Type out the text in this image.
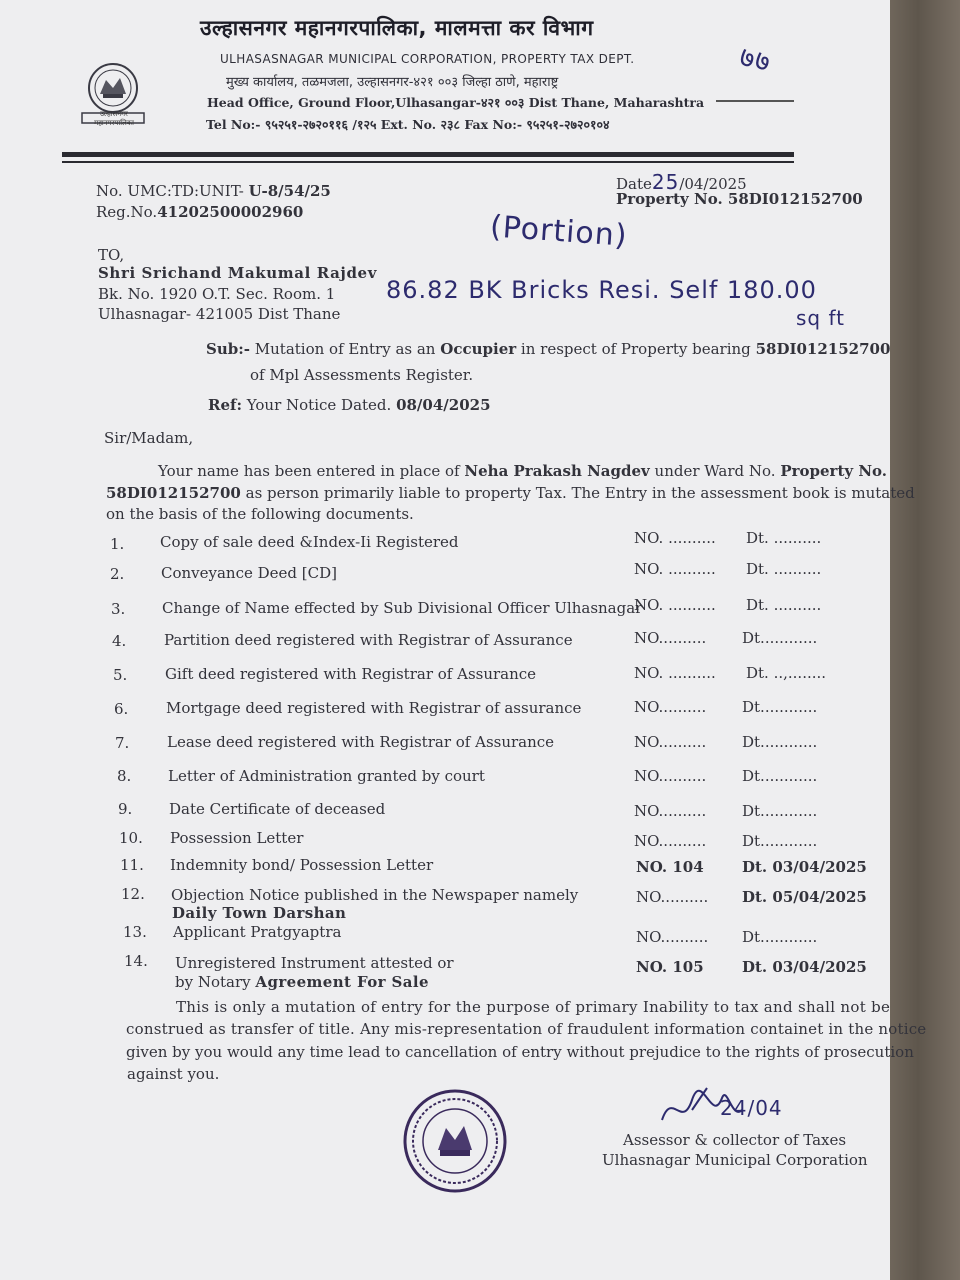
उल्हासनगर महानगरपालिका
उल्हासनगर महानगरपालिका, मालमत्ता कर विभाग
ULHASASNAGAR MUNICIPAL CORPORATION, PROPERTY TAX DEPT.
मुख्य कार्यालय, तळमजला, उल्हासनगर-४२१ ००३ जिल्हा ठाणे, महाराष्ट्र
Head Office, Ground Floor,Ulhasangar-४२१ ००३ Dist Thane, Maharashtra
Tel No:- ९५२५१-२७२०११६ /१२५ Ext. No. २३८ Fax No:- ९५२५१-२७२०१०४
७७
No. UMC:TD:UNIT- U-8/54/25
Reg.No.41202500002960
Date25/04/2025
Property No. 58DI012152700
TO,
Shri Srichand Makumal Rajdev
Bk. No. 1920 O.T. Sec. Room. 1
Ulhasnagar- 421005 Dist Thane
(Portion)
86.82 BK Bricks Resi. Self 180.00
sq ft
Sub:- Mutation of Entry as an Occupier in respect of Property bearing 58DI012152700
of Mpl Assessments Register.
Ref: Your Notice Dated. 08/04/2025
Sir/Madam,
Your name has been entered in place of Neha Prakash Nagdev under Ward No. Property No.
58DI012152700 as person primarily liable to property Tax. The Entry in the assessment book is mutated
on the basis of the following documents.
1. Copy of sale deed &Index-Ii Registered	NO. .......... Dt. ..........
2. Conveyance Deed [CD]	NO. .......... Dt. ..........
3. Change of Name effected by Sub Divisional Officer Ulhasnagar
NO. .......... Dt. ..........
4.	Partition deed registered with Registrar of Assurance	NO.......... Dt............
5.	Gift deed registered with Registrar of Assurance	NO. .......... Dt. ..,........
6.	Mortgage deed registered with Registrar of assurance	NO.......... Dt............
7.	Lease deed registered with Registrar of Assurance	NO.......... Dt............
8. Letter of Administration granted by court	NO.......... Dt............
9. Date Certificate of deceased	NO.......... Dt............
10. Possession Letter	NO.......... Dt............
11. Indemnity bond/ Possession Letter	NO. 104	Dt. 03/04/2025
12. Objection Notice published in the Newspaper namely
Daily Town Darshan
NO.......... Dt. 05/04/2025
13. Applicant Pratgyaptra	NO.......... Dt............
14. Unregistered Instrument attested or
by Notary Agreement For Sale
NO. 105	Dt. 03/04/2025
This is only a mutation of entry for the purpose of primary Inability to tax and shall not be
construed as transfer of title. Any mis-representation of fraudulent information containet in the notice
given by you would any time lead to cancellation of entry without prejudice to the rights of prosecution
against you.
24/04
Assessor & collector of Taxes
Ulhasnagar Municipal Corporation
